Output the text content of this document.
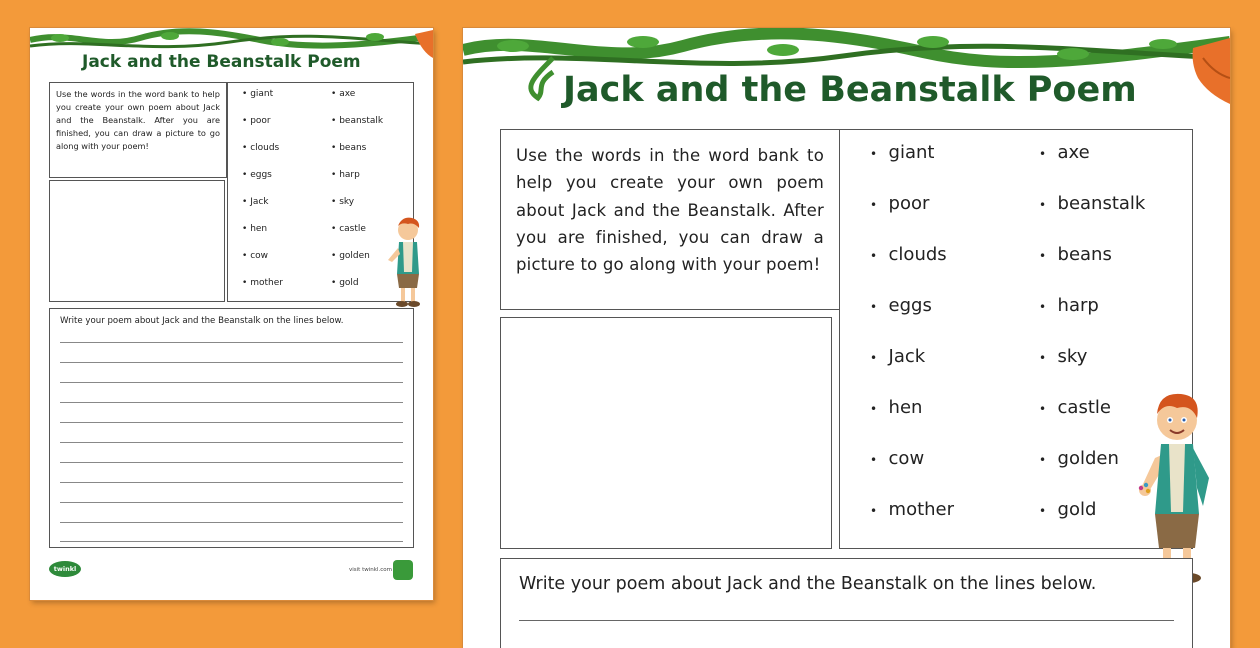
Jack and the Beanstalk Poem
Use the words in the word bank to help you create your own poem about Jack and the Beanstalk. After you are finished, you can draw a picture to go along with your poem!
• giant
• poor
• clouds
• eggs
• Jack
• hen
• cow
• mother
• axe
• beanstalk
• beans
• harp
• sky
• castle
• golden
• gold
Write your poem about Jack and the Beanstalk on the lines below.
twinkl	visit twinkl.com
Jack and the Beanstalk Poem
Use the words in the word bank to help you create your own poem about Jack and the Beanstalk. After you are finished, you can draw a picture to go along with your poem!
• giant
• poor
• clouds
• eggs
• Jack
• hen
• cow
• mother
• axe
• beanstalk
• beans
• harp
• sky
• castle
• golden
• gold
Write your poem about Jack and the Beanstalk on the lines below.
